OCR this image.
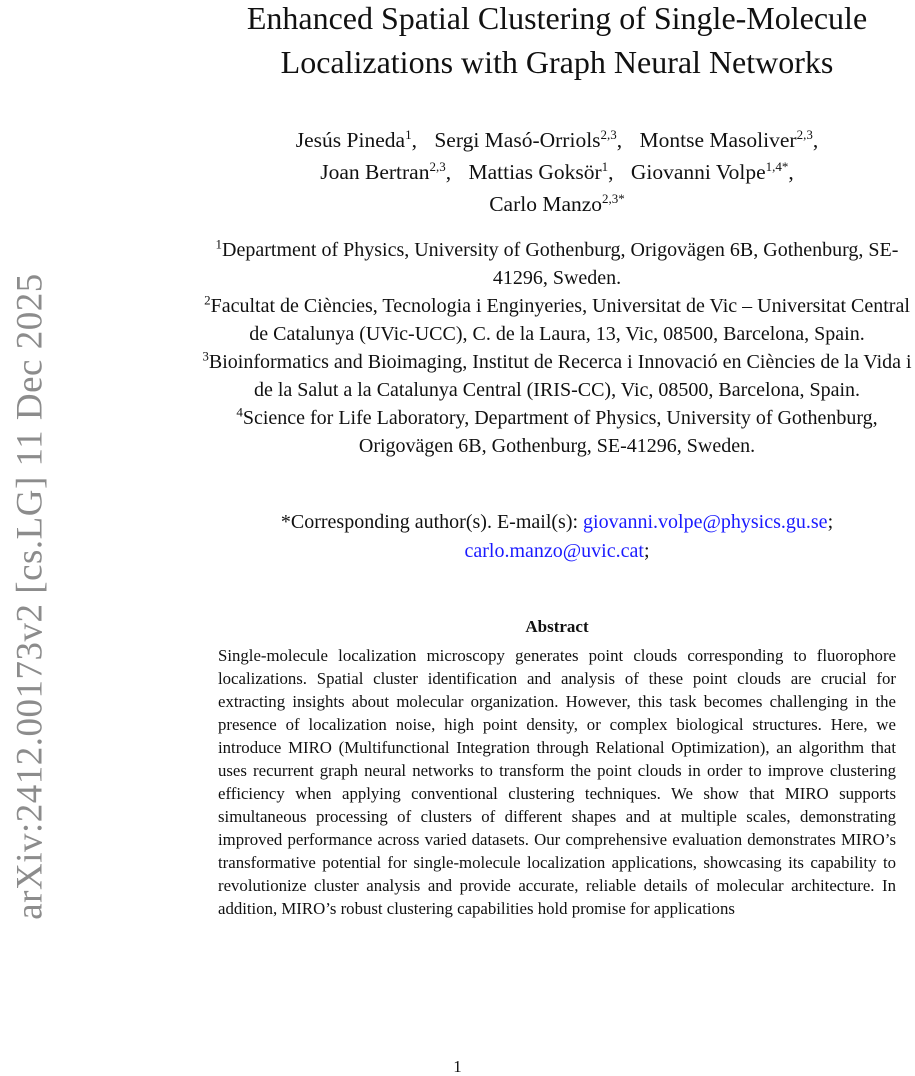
arXiv:2412.00173v2 [cs.LG] 11 Dec 2025
Enhanced Spatial Clustering of Single-Molecule Localizations with Graph Neural Networks
Jesús Pineda$^1$, Sergi Masó-Orriols$^{2,3}$, Montse Masoliver$^{2,3}$,
Joan Bertran$^{2,3}$, Mattias Goksör$^1$, Giovanni Volpe$^{1,4*}$,
Carlo Manzo$^{2,3*}$

$^1$Department of Physics, University of Gothenburg, Origovägen 6B, Gothenburg, SE-41296, Sweden.

$^2$Facultat de Ciències, Tecnologia i Enginyeries, Universitat de Vic – Universitat Central de Catalunya (UVic-UCC), C. de la Laura, 13, Vic, 08500, Barcelona, Spain.

$^3$Bioinformatics and Bioimaging, Institut de Recerca i Innovació en Ciències de la Vida i de la Salut a la Catalunya Central (IRIS-CC), Vic, 08500, Barcelona, Spain.

$^4$Science for Life Laboratory, Department of Physics, University of Gothenburg, Origovägen 6B, Gothenburg, SE-41296, Sweden.

*Corresponding author(s). E-mail(s): giovanni.volpe@physics.gu.se;
carlo.manzo@uvic.cat;
Abstract

Single-molecule localization microscopy generates point clouds corresponding to fluorophore localizations. Spatial cluster identification and analysis of these point clouds are crucial for extracting insights about molecular organization. However, this task becomes challenging in the presence of localization noise, high point density, or complex biological structures. Here, we introduce MIRO (Multifunctional Integration through Relational Optimization), an algorithm that uses recurrent graph neural networks to transform the point clouds in order to improve clustering efficiency when applying conventional clustering techniques. We show that MIRO supports simultaneous processing of clusters of different shapes and at multiple scales, demonstrating improved performance across varied datasets. Our comprehensive evaluation demonstrates MIRO’s transformative potential for single-molecule localization applications, showcasing its capability to revolutionize cluster analysis and provide accurate, reliable details of molecular architecture. In addition, MIRO’s robust clustering capabilities hold promise for applications

1
